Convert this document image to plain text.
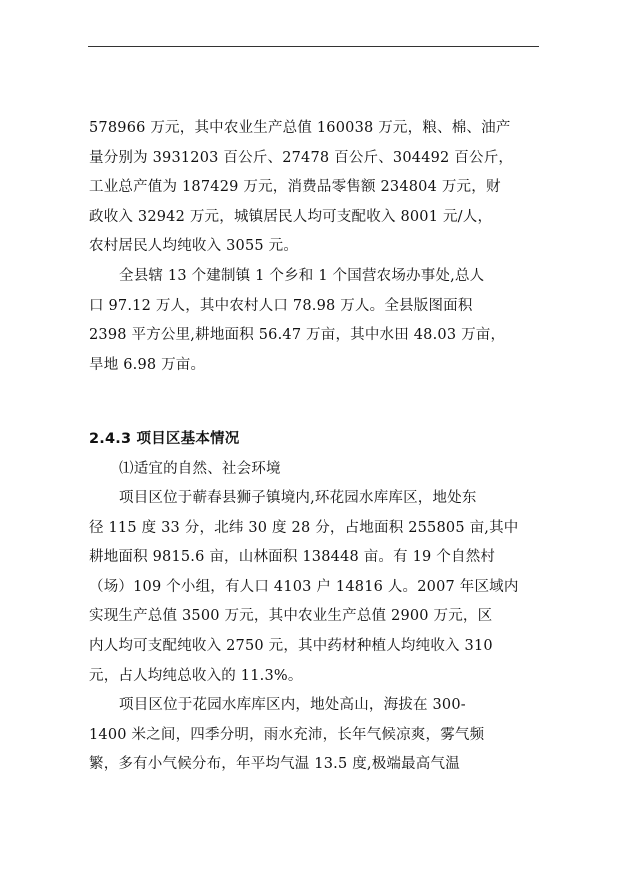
578966 万元，其中农业生产总值 160038 万元，粮、棉、油产
量分别为 3931203 百公斤、27478 百公斤、304492 百公斤，
工业总产值为 187429 万元，消费品零售额 234804 万元，财
政收入 32942 万元，城镇居民人均可支配收入 8001 元/人，
农村居民人均纯收入 3055 元。
全县辖 13 个建制镇 1 个乡和 1 个国营农场办事处,总人
口 97.12 万人，其中农村人口 78.98 万人。全县版图面积
2398 平方公里,耕地面积 56.47 万亩，其中水田 48.03 万亩，
旱地 6.98 万亩。
2.4.3 项目区基本情况
⑴适宜的自然、社会环境
项目区位于蕲春县狮子镇境内,环花园水库库区，地处东
径 115 度 33 分，北纬 30 度 28 分，占地面积 255805 亩,其中
耕地面积 9815.6 亩，山林面积 138448 亩。有 19 个自然村
（场）109 个小组，有人口 4103 户 14816 人。2007 年区域内
实现生产总值 3500 万元，其中农业生产总值 2900 万元，区
内人均可支配纯收入 2750 元，其中药材种植人均纯收入 310
元，占人均纯总收入的 11.3%。
项目区位于花园水库库区内，地处高山，海拔在 300-
1400 米之间，四季分明，雨水充沛，长年气候凉爽，雾气频
繁，多有小气候分布，年平均气温 13.5 度,极端最高气温
